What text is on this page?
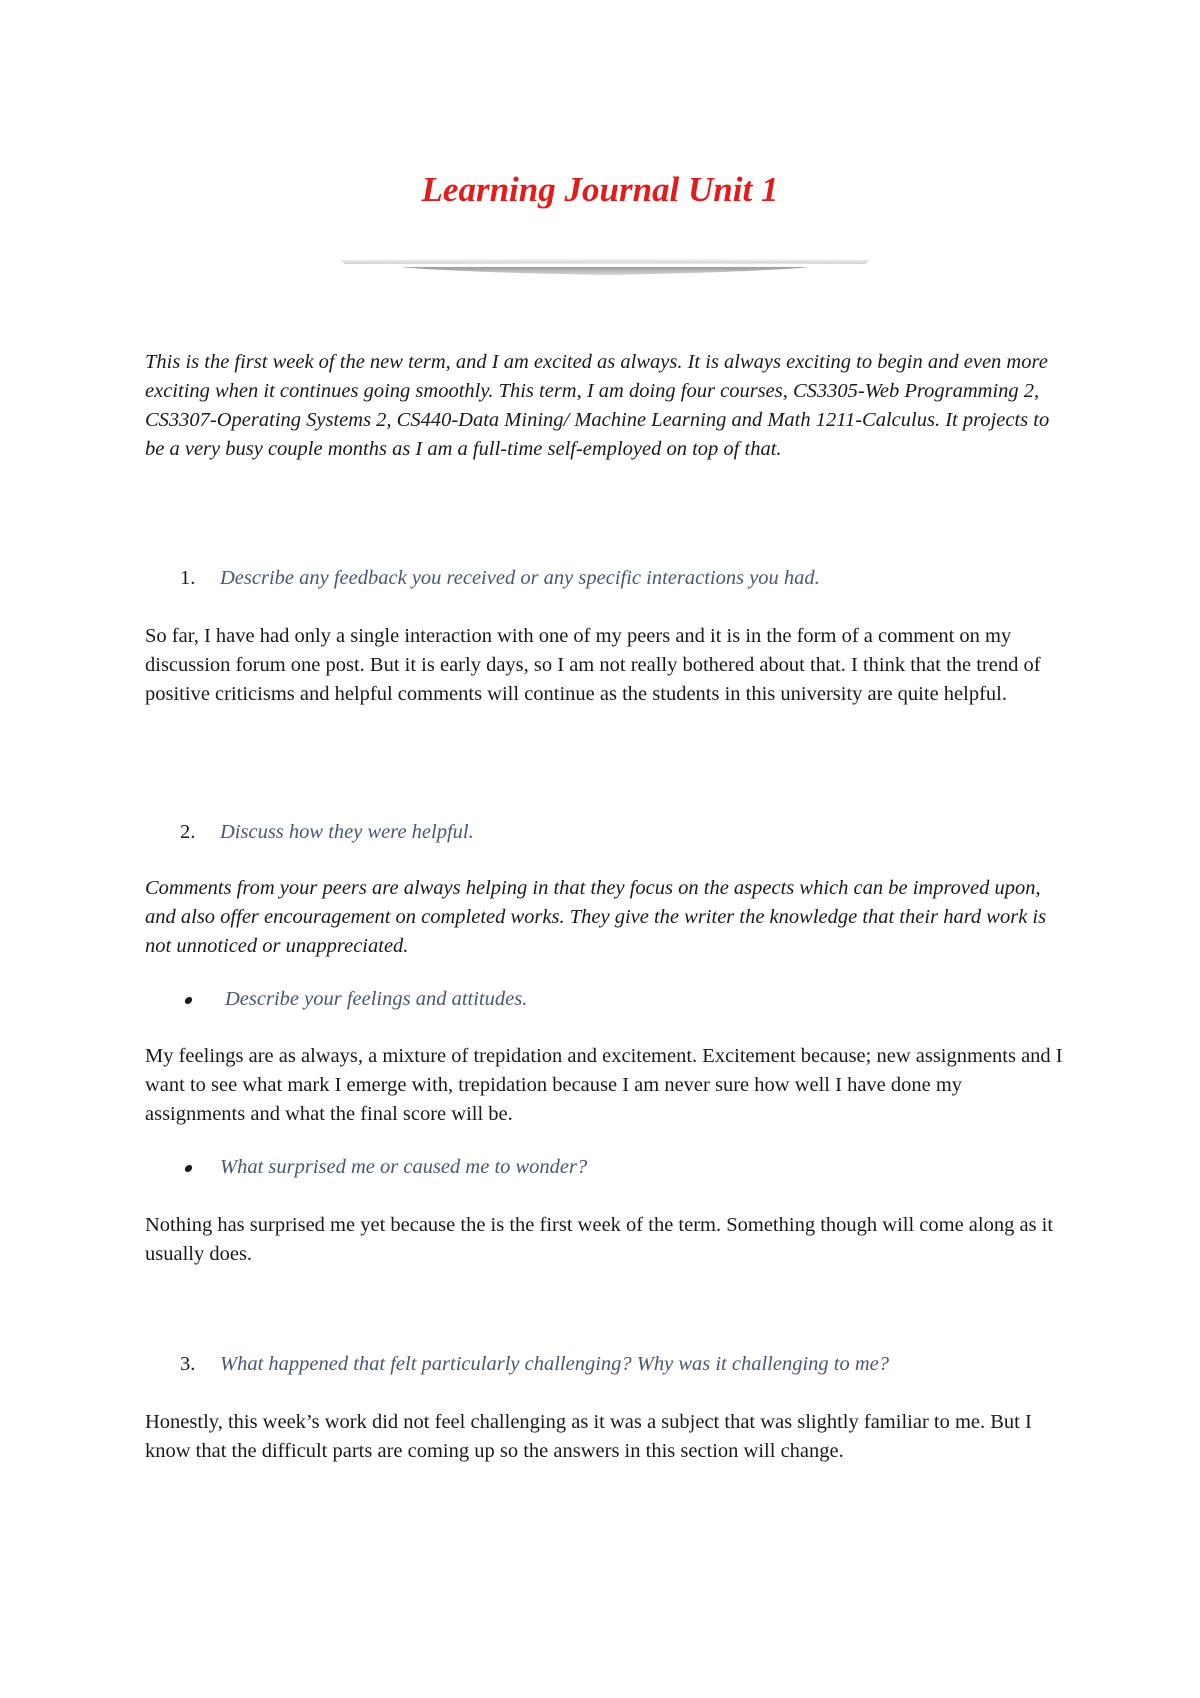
Learning Journal Unit 1
This is the first week of the new term, and I am excited as always. It is always exciting to begin and even more exciting when it continues going smoothly. This term, I am doing four courses, CS3305-Web Programming 2, CS3307-Operating Systems 2, CS440-Data Mining/ Machine Learning and Math 1211-Calculus. It projects to be a very busy couple months as I am a full-time self-employed on top of that.
1. Describe any feedback you received or any specific interactions you had.
So far, I have had only a single interaction with one of my peers and it is in the form of a comment on my discussion forum one post. But it is early days, so I am not really bothered about that. I think that the trend of positive criticisms and helpful comments will continue as the students in this university are quite helpful.
2. Discuss how they were helpful.
Comments from your peers are always helping in that they focus on the aspects which can be improved upon, and also offer encouragement on completed works. They give the writer the knowledge that their hard work is not unnoticed or unappreciated.
Describe your feelings and attitudes.
My feelings are as always, a mixture of trepidation and excitement. Excitement because; new assignments and I want to see what mark I emerge with, trepidation because I am never sure how well I have done my assignments and what the final score will be.
What surprised me or caused me to wonder?
Nothing has surprised me yet because the is the first week of the term. Something though will come along as it usually does.
3. What happened that felt particularly challenging? Why was it challenging to me?
Honestly, this week’s work did not feel challenging as it was a subject that was slightly familiar to me. But I know that the difficult parts are coming up so the answers in this section will change.
